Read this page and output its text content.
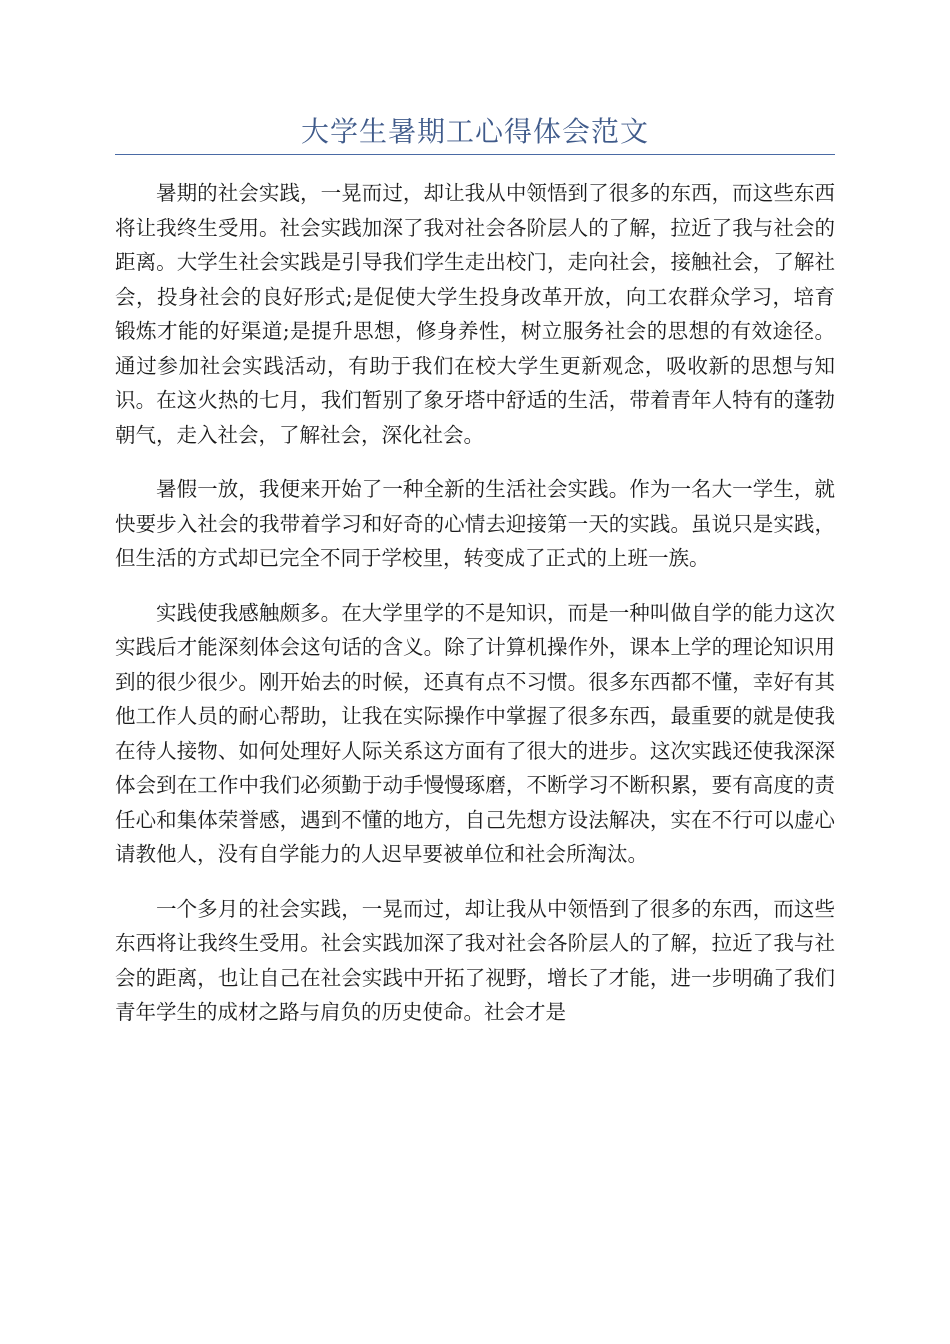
大学生暑期工心得体会范文

暑期的社会实践，一晃而过，却让我从中领悟到了很多的东西，而这些东西将让我终生受用。社会实践加深了我对社会各阶层人的了解，拉近了我与社会的距离。大学生社会实践是引导我们学生走出校门，走向社会，接触社会，了解社会，投身社会的良好形式;是促使大学生投身改革开放，向工农群众学习，培育锻炼才能的好渠道;是提升思想，修身养性，树立服务社会的思想的有效途径。通过参加社会实践活动，有助于我们在校大学生更新观念，吸收新的思想与知识。在这火热的七月，我们暂别了象牙塔中舒适的生活，带着青年人特有的蓬勃朝气，走入社会，了解社会，深化社会。

暑假一放，我便来开始了一种全新的生活社会实践。作为一名大一学生，就快要步入社会的我带着学习和好奇的心情去迎接第一天的实践。虽说只是实践，但生活的方式却已完全不同于学校里，转变成了正式的上班一族。

实践使我感触颇多。在大学里学的不是知识，而是一种叫做自学的能力这次实践后才能深刻体会这句话的含义。除了计算机操作外，课本上学的理论知识用到的很少很少。刚开始去的时候，还真有点不习惯。很多东西都不懂，幸好有其他工作人员的耐心帮助，让我在实际操作中掌握了很多东西，最重要的就是使我在待人接物、如何处理好人际关系这方面有了很大的进步。这次实践还使我深深体会到在工作中我们必须勤于动手慢慢琢磨，不断学习不断积累，要有高度的责任心和集体荣誉感，遇到不懂的地方，自己先想方设法解决，实在不行可以虚心请教他人，没有自学能力的人迟早要被单位和社会所淘汰。

一个多月的社会实践，一晃而过，却让我从中领悟到了很多的东西，而这些东西将让我终生受用。社会实践加深了我对社会各阶层人的了解，拉近了我与社会的距离，也让自己在社会实践中开拓了视野，增长了才能，进一步明确了我们青年学生的成材之路与肩负的历史使命。社会才是
